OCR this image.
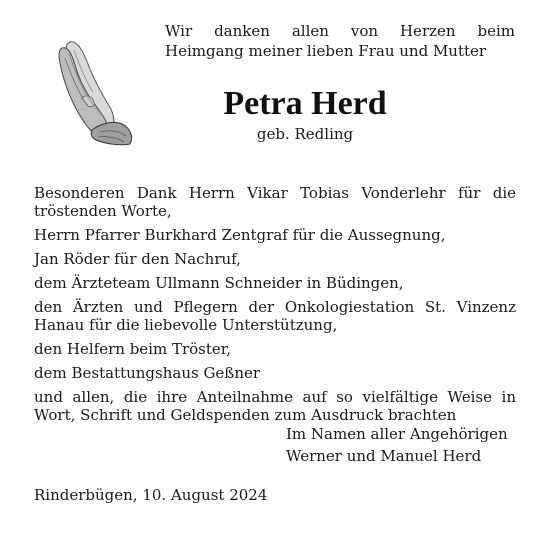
Wir danken allen von Herzen beim
Heimgang meiner lieben Frau und Mutter
Petra Herd
geb. Redling
Besonderen Dank Herrn Vikar Tobias Vonderlehr für die
tröstenden Worte,
Herrn Pfarrer Burkhard Zentgraf für die Aussegnung,
Jan Röder für den Nachruf,
dem Ärzteteam Ullmann Schneider in Büdingen,
den Ärzten und Pflegern der Onkologiestation St. Vinzenz
Hanau für die liebevolle Unterstützung,
den Helfern beim Tröster,
dem Bestattungshaus Geßner
und allen, die ihre Anteilnahme auf so vielfältige Weise in
Wort, Schrift und Geldspenden zum Ausdruck brachten
Im Namen aller Angehörigen
Werner und Manuel Herd
Rinderbügen, 10. August 2024
